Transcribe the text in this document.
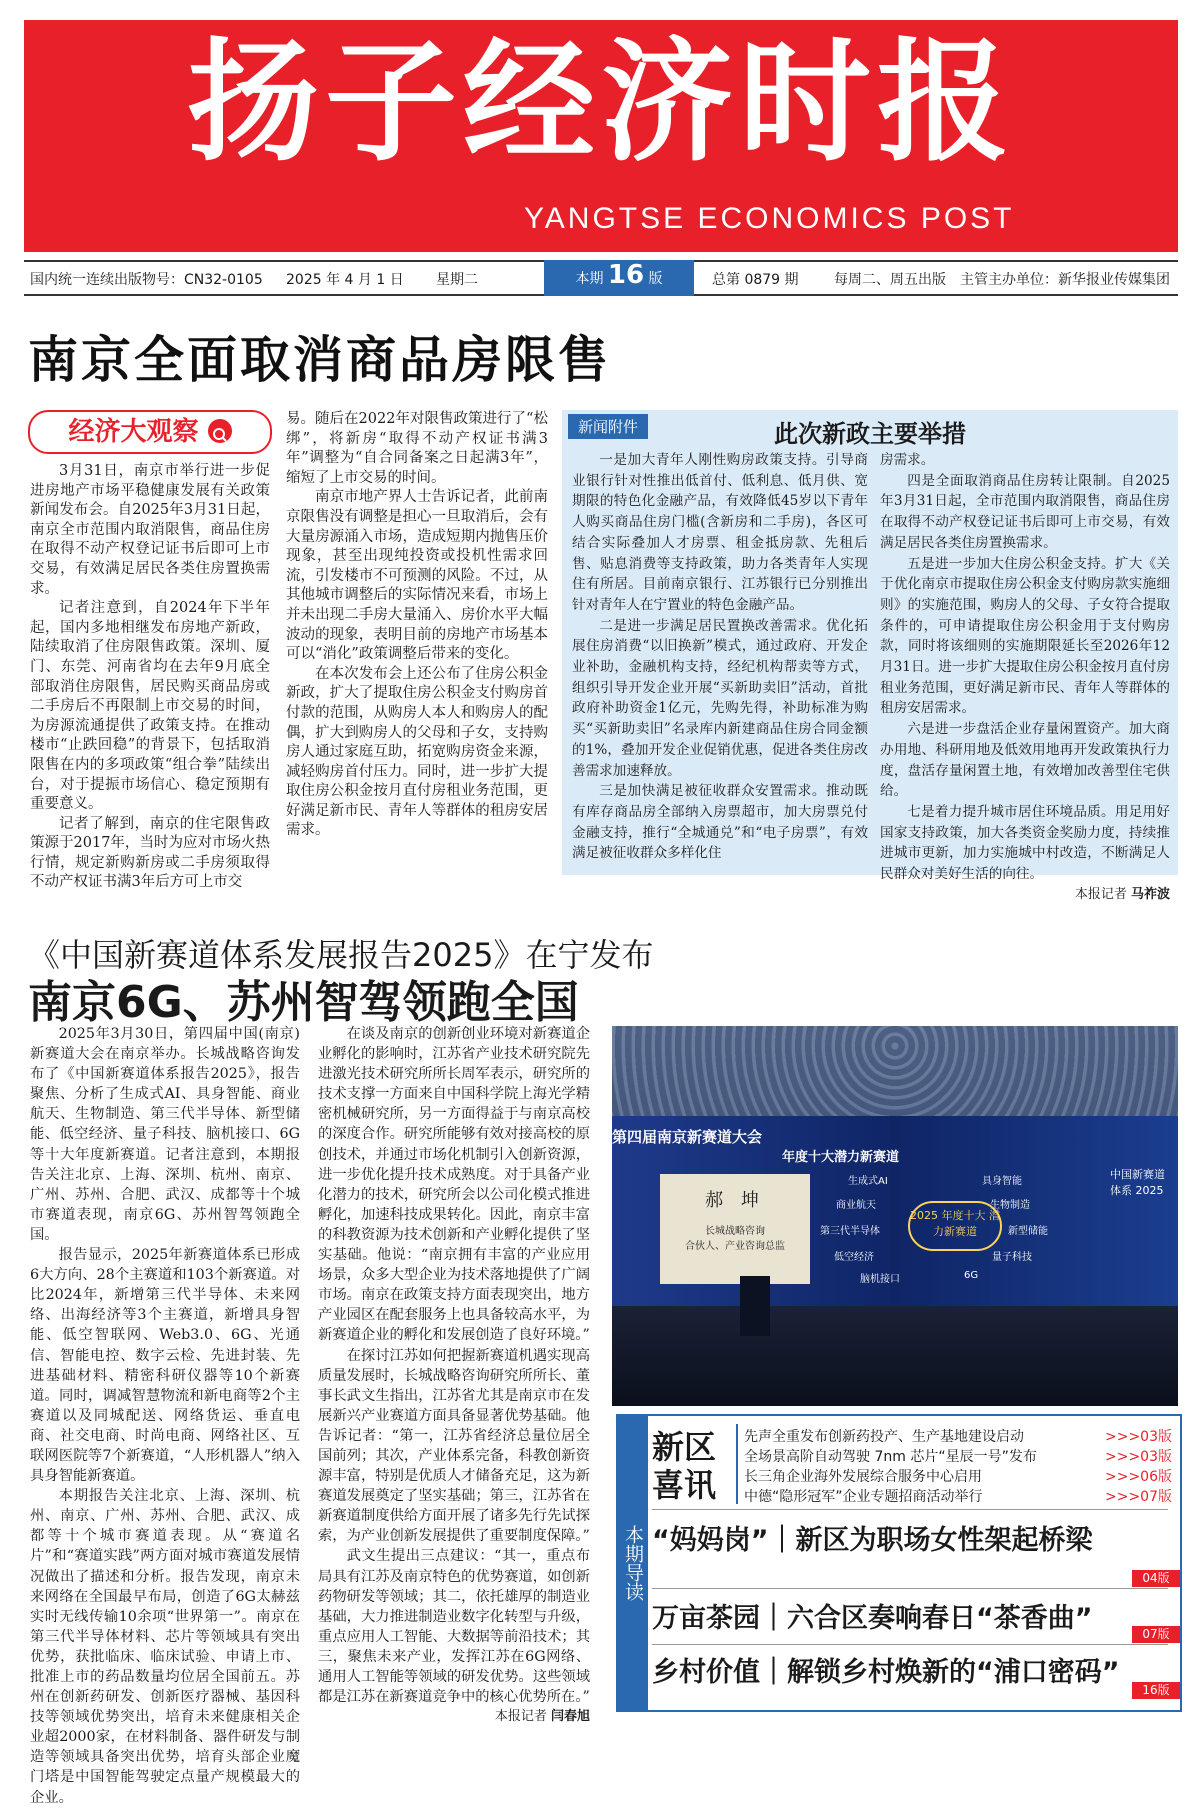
扬子经济时报
YANGTSE ECONOMICS POST
国内统一连续出版物号：CN32-0105 2025 年 4 月 1 日 星期二	本期 16 版	总第 0879 期	每周二、周五出版 主管主办单位：新华报业传媒集团
南京全面取消商品房限售
经济大观察

3月31日，南京市举行进一步促进房地产市场平稳健康发展有关政策新闻发布会。自2025年3月31日起，南京全市范围内取消限售，商品住房在取得不动产权登记证书后即可上市交易，有效满足居民各类住房置换需求。

记者注意到，自2024年下半年起，国内多地相继发布房地产新政，陆续取消了住房限售政策。深圳、厦门、东莞、河南省均在去年9月底全部取消住房限售，居民购买商品房或二手房后不再限制上市交易的时间，为房源流通提供了政策支持。在推动楼市“止跌回稳”的背景下，包括取消限售在内的多项政策“组合拳”陆续出台，对于提振市场信心、稳定预期有重要意义。

记者了解到，南京的住宅限售政策源于2017年，当时为应对市场火热行情，规定新购新房或二手房须取得不动产权证书满3年后方可上市交

易。随后在2022年对限售政策进行了“松绑”，将新房“取得不动产权证书满3年”调整为“自合同备案之日起满3年”，缩短了上市交易的时间。

南京市地产界人士告诉记者，此前南京限售没有调整是担心一旦取消后，会有大量房源涌入市场，造成短期内抛售压价现象，甚至出现纯投资或投机性需求回流，引发楼市不可预测的风险。不过，从其他城市调整后的实际情况来看，市场上并未出现二手房大量涌入、房价水平大幅波动的现象，表明目前的房地产市场基本可以“消化”政策调整后带来的变化。

在本次发布会上还公布了住房公积金新政，扩大了提取住房公积金支付购房首付款的范围，从购房人本人和购房人的配偶，扩大到购房人的父母和子女，支持购房人通过家庭互助，拓宽购房资金来源，减轻购房首付压力。同时，进一步扩大提取住房公积金按月直付房租业务范围，更好满足新市民、青年人等群体的租房安居需求。

新闻附件	此次新政主要举措

一是加大青年人刚性购房政策支持。引导商业银行针对性推出低首付、低利息、低月供、宽期限的特色化金融产品，有效降低45岁以下青年人购买商品住房门槛(含新房和二手房)，各区可结合实际叠加人才房票、租金抵房款、先租后售、贴息消费等支持政策，助力各类青年人实现住有所居。目前南京银行、江苏银行已分别推出针对青年人在宁置业的特色金融产品。

二是进一步满足居民置换改善需求。优化拓展住房消费“以旧换新”模式，通过政府、开发企业补助，金融机构支持，经纪机构帮卖等方式，组织引导开发企业开展“买新助卖旧”活动，首批政府补助资金1亿元，先购先得，补助标准为购买“买新助卖旧”名录库内新建商品住房合同金额的1%，叠加开发企业促销优惠，促进各类住房改善需求加速释放。

三是加快满足被征收群众安置需求。推动既有库存商品房全部纳入房票超市，加大房票兑付金融支持，推行“全城通兑”和“电子房票”，有效满足被征收群众多样化住

房需求。

四是全面取消商品住房转让限制。自2025年3月31日起，全市范围内取消限售，商品住房在取得不动产权登记证书后即可上市交易，有效满足居民各类住房置换需求。

五是进一步加大住房公积金支持。扩大《关于优化南京市提取住房公积金支付购房款实施细则》的实施范围，购房人的父母、子女符合提取条件的，可申请提取住房公积金用于支付购房款，同时将该细则的实施期限延长至2026年12月31日。进一步扩大提取住房公积金按月直付房租业务范围，更好满足新市民、青年人等群体的租房安居需求。

六是进一步盘活企业存量闲置资产。加大商办用地、科研用地及低效用地再开发政策执行力度，盘活存量闲置土地，有效增加改善型住宅供给。

七是着力提升城市居住环境品质。用足用好国家支持政策，加大各类资金奖励力度，持续推进城市更新，加力实施城中村改造，不断满足人民群众对美好生活的向往。

本报记者 马祚波
《中国新赛道体系发展报告2025》在宁发布
南京6G、苏州智驾领跑全国

2025年3月30日，第四届中国(南京)新赛道大会在南京举办。长城战略咨询发布了《中国新赛道体系报告2025》，报告聚焦、分析了生成式AI、具身智能、商业航天、生物制造、第三代半导体、新型储能、低空经济、量子科技、脑机接口、6G等十大年度新赛道。记者注意到，本期报告关注北京、上海、深圳、杭州、南京、广州、苏州、合肥、武汉、成都等十个城市赛道表现，南京6G、苏州智驾领跑全国。

报告显示，2025年新赛道体系已形成6大方向、28个主赛道和103个新赛道。对比2024年，新增第三代半导体、未来网络、出海经济等3个主赛道，新增具身智能、低空智联网、Web3.0、6G、光通信、智能电控、数字云检、先进封装、先进基础材料、精密科研仪器等10个新赛道。同时，调减智慧物流和新电商等2个主赛道以及同城配送、网络货运、垂直电商、社交电商、时尚电商、网络社区、互联网医院等7个新赛道，“人形机器人”纳入具身智能新赛道。

本期报告关注北京、上海、深圳、杭州、南京、广州、苏州、合肥、武汉、成都等十个城市赛道表现。从“赛道名片”和“赛道实践”两方面对城市赛道发展情况做出了描述和分析。报告发现，南京未来网络在全国最早布局，创造了6G太赫兹实时无线传输10余项“世界第一”。南京在第三代半导体材料、芯片等领域具有突出优势，获批临床、临床试验、申请上市、批准上市的药品数量均位居全国前五。苏州在创新药研发、创新医疗器械、基因科技等领域优势突出，培育未来健康相关企业超2000家，在材料制备、器件研发与制造等领域具备突出优势，培育头部企业魔门塔是中国智能驾驶定点量产规模最大的企业。

在谈及南京的创新创业环境对新赛道企业孵化的影响时，江苏省产业技术研究院先进激光技术研究所所长周军表示，研究所的技术支撑一方面来自中国科学院上海光学精密机械研究所，另一方面得益于与南京高校的深度合作。研究所能够有效对接高校的原创技术，并通过市场化机制引入创新资源，进一步优化提升技术成熟度。对于具备产业化潜力的技术，研究所会以公司化模式推进孵化，加速科技成果转化。因此，南京丰富的科教资源为技术创新和产业孵化提供了坚实基础。他说：“南京拥有丰富的产业应用场景，众多大型企业为技术落地提供了广阔市场。南京在政策支持方面表现突出，地方产业园区在配套服务上也具备较高水平，为新赛道企业的孵化和发展创造了良好环境。”

在探讨江苏如何把握新赛道机遇实现高质量发展时，长城战略咨询研究所所长、董事长武文生指出，江苏省尤其是南京市在发展新兴产业赛道方面具备显著优势基础。他告诉记者：“第一，江苏省经济总量位居全国前列；其次，产业体系完备，科教创新资源丰富，特别是优质人才储备充足，这为新赛道发展奠定了坚实基础；第三，江苏省在新赛道制度供给方面开展了诸多先行先试探索，为产业创新发展提供了重要制度保障。”

武文生提出三点建议：“其一，重点布局具有江苏及南京特色的优势赛道，如创新药物研发等领域；其二，依托雄厚的制造业基础，大力推进制造业数字化转型与升级，重点应用人工智能、大数据等前沿技术；其三，聚焦未来产业，发挥江苏在6G网络、通用人工智能等领域的研发优势。这些领域都是江苏在新赛道竞争中的核心优势所在。”

本报记者 闫春旭
第四届南京新赛道大会
年度十大潜力新赛道
郝 坤
长城战略咨询
合伙人、产业咨询总监
2025 年度十大 潜力新赛道
生成式AI	具身智能
商业航天	生物制造
第三代半导体	新型储能
低空经济	量子科技
脑机接口	6G
中国新赛道体系 2025
本期导读
新区喜讯
先声全重发布创新药投产、生产基地建设启动	>>>03版
全场景高阶自动驾驶 7nm 芯片“星辰一号”发布	>>>03版
长三角企业海外发展综合服务中心启用	>>>06版
中德“隐形冠军”企业专题招商活动举行	>>>07版
“妈妈岗”｜新区为职场女性架起桥梁
04版
万亩茶园｜六合区奏响春日“茶香曲”	07版
乡村价值｜解锁乡村焕新的“浦口密码”
16版
